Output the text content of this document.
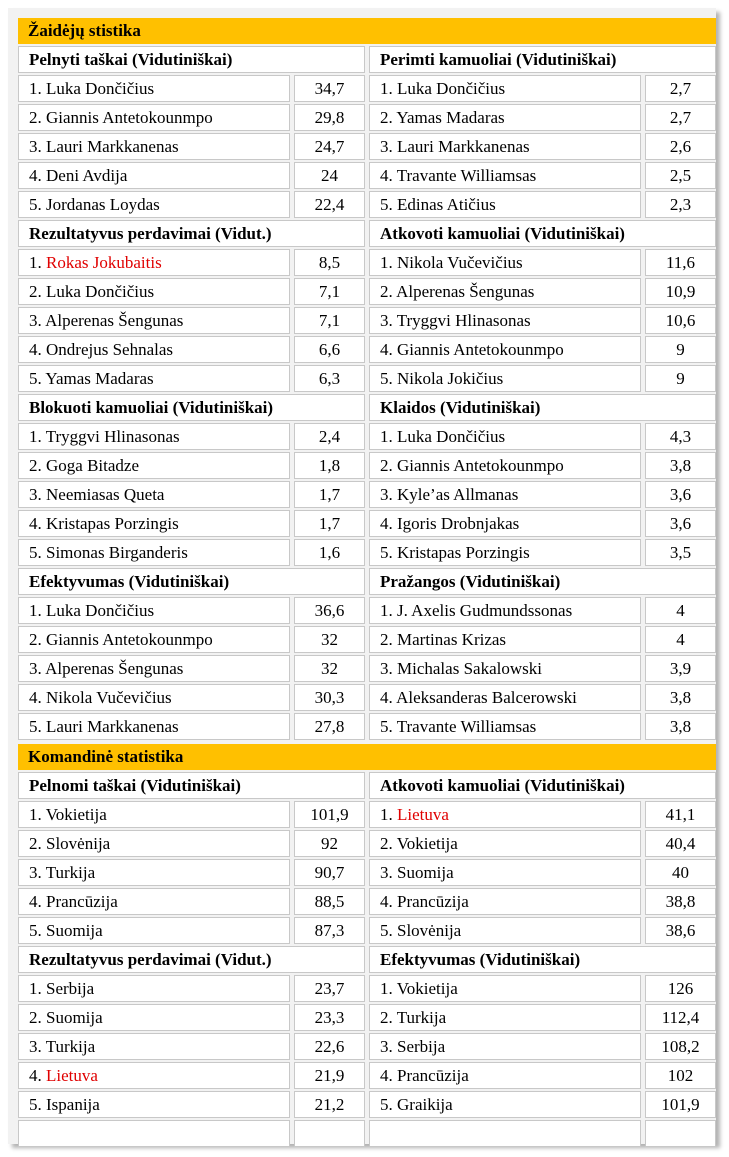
Žaidėjų stistika
Pelnyti taškai (Vidutiniškai)
1. Luka Dončičius	34,7
2. Giannis Antetokounmpo	29,8
3. Lauri Markkanenas	24,7
4. Deni Avdija	24
5. Jordanas Loydas	22,4
Perimti kamuoliai (Vidutiniškai)
1. Luka Dončičius	2,7
2. Yamas Madaras	2,7
3. Lauri Markkanenas	2,6
4. Travante Williamsas	2,5
5. Edinas Atičius	2,3
Rezultatyvus perdavimai (Vidut.)
1. Rokas Jokubaitis	8,5
2. Luka Dončičius	7,1
3. Alperenas Šengunas	7,1
4. Ondrejus Sehnalas	6,6
5. Yamas Madaras	6,3
Atkovoti kamuoliai (Vidutiniškai)
1. Nikola Vučevičius	11,6
2. Alperenas Šengunas	10,9
3. Tryggvi Hlinasonas	10,6
4. Giannis Antetokounmpo	9
5. Nikola Jokičius	9
Blokuoti kamuoliai (Vidutiniškai)
1. Tryggvi Hlinasonas	2,4
2. Goga Bitadze	1,8
3. Neemiasas Queta	1,7
4. Kristapas Porzingis	1,7
5. Simonas Birganderis	1,6
Klaidos (Vidutiniškai)
1. Luka Dončičius	4,3
2. Giannis Antetokounmpo	3,8
3. Kyle’as Allmanas	3,6
4. Igoris Drobnjakas	3,6
5. Kristapas Porzingis	3,5
Efektyvumas (Vidutiniškai)
1. Luka Dončičius	36,6
2. Giannis Antetokounmpo	32
3. Alperenas Šengunas	32
4. Nikola Vučevičius	30,3
5. Lauri Markkanenas	27,8
Pražangos (Vidutiniškai)
1. J. Axelis Gudmundssonas	4
2. Martinas Krizas	4
3. Michalas Sakalowski	3,9
4. Aleksanderas Balcerowski	3,8
5. Travante Williamsas	3,8
Komandinė statistika
Pelnomi taškai (Vidutiniškai)
1. Vokietija	101,9
2. Slovėnija	92
3. Turkija	90,7
4. Prancūzija	88,5
5. Suomija	87,3
Atkovoti kamuoliai (Vidutiniškai)
1. Lietuva	41,1
2. Vokietija	40,4
3. Suomija	40
4. Prancūzija	38,8
5. Slovėnija	38,6
Rezultatyvus perdavimai (Vidut.)
1. Serbija	23,7
2. Suomija	23,3
3. Turkija	22,6
4. Lietuva	21,9
5. Ispanija	21,2
Efektyvumas (Vidutiniškai)
1. Vokietija	126
2. Turkija	112,4
3. Serbija	108,2
4. Prancūzija	102
5. Graikija	101,9
